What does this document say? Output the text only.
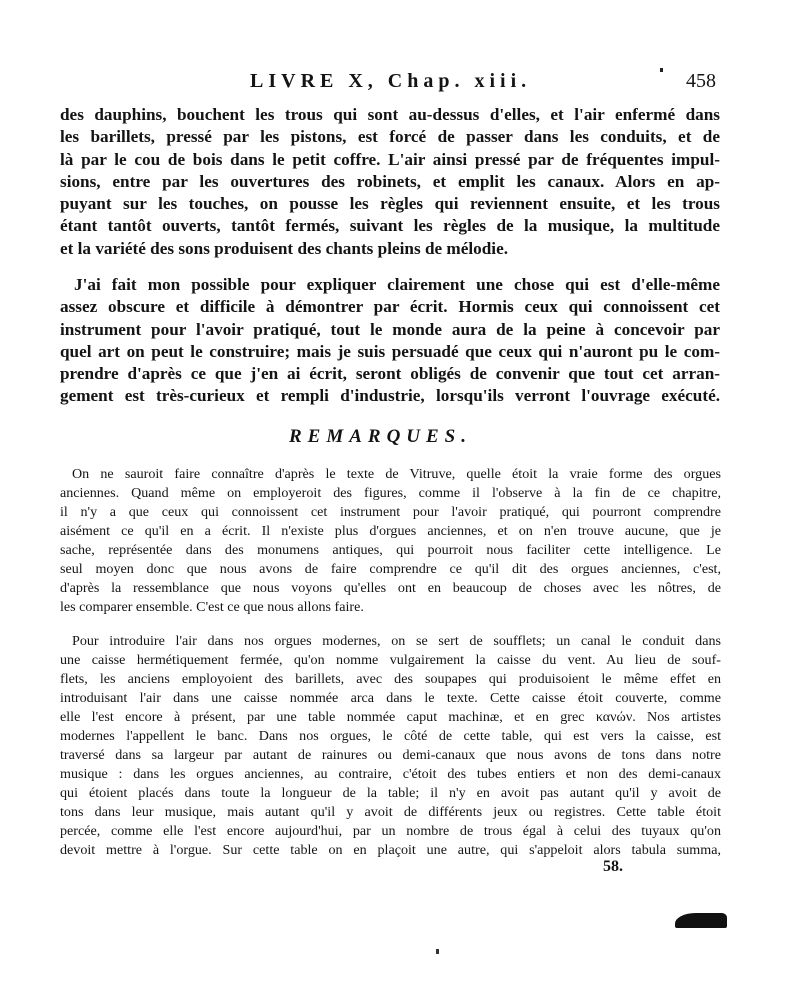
LIVRE X, Chap. xiii.	458
des dauphins, bouchent les trous qui sont au-dessus d'elles, et l'air enfermé dans
les barillets, pressé par les pistons, est forcé de passer dans les conduits, et de
là par le cou de bois dans le petit coffre. L'air ainsi pressé par de fréquentes impul-
sions, entre par les ouvertures des robinets, et emplit les canaux. Alors en ap-
puyant sur les touches, on pousse les règles qui reviennent ensuite, et les trous
étant tantôt ouverts, tantôt fermés, suivant les règles de la musique, la multitude
et la variété des sons produisent des chants pleins de mélodie.
J'ai fait mon possible pour expliquer clairement une chose qui est d'elle-même
assez obscure et difficile à démontrer par écrit. Hormis ceux qui connoissent cet
instrument pour l'avoir pratiqué, tout le monde aura de la peine à concevoir par
quel art on peut le construire; mais je suis persuadé que ceux qui n'auront pu le com-
prendre d'après ce que j'en ai écrit, seront obligés de convenir que tout cet arran-
gement est très-curieux et rempli d'industrie, lorsqu'ils verront l'ouvrage exécuté.
REMARQUES.
On ne sauroit faire connaître d'après le texte de Vitruve, quelle étoit la vraie forme des orgues
anciennes. Quand même on employeroit des figures, comme il l'observe à la fin de ce chapitre,
il n'y a que ceux qui connoissent cet instrument pour l'avoir pratiqué, qui pourront comprendre
aisément ce qu'il en a écrit. Il n'existe plus d'orgues anciennes, et on n'en trouve aucune, que je
sache, représentée dans des monumens antiques, qui pourroit nous faciliter cette intelligence. Le
seul moyen donc que nous avons de faire comprendre ce qu'il dit des orgues anciennes, c'est,
d'après la ressemblance que nous voyons qu'elles ont en beaucoup de choses avec les nôtres, de
les comparer ensemble. C'est ce que nous allons faire.
Pour introduire l'air dans nos orgues modernes, on se sert de soufflets; un canal le conduit dans
une caisse hermétiquement fermée, qu'on nomme vulgairement la caisse du vent. Au lieu de souf-
flets, les anciens employoient des barillets, avec des soupapes qui produisoient le même effet en
introduisant l'air dans une caisse nommée arca dans le texte. Cette caisse étoit couverte, comme
elle l'est encore à présent, par une table nommée caput machinæ, et en grec κανών. Nos artistes
modernes l'appellent le banc. Dans nos orgues, le côté de cette table, qui est vers la caisse, est
traversé dans sa largeur par autant de rainures ou demi-canaux que nous avons de tons dans notre
musique : dans les orgues anciennes, au contraire, c'étoit des tubes entiers et non des demi-canaux
qui étoient placés dans toute la longueur de la table; il n'y en avoit pas autant qu'il y avoit de
tons dans leur musique, mais autant qu'il y avoit de différents jeux ou registres. Cette table étoit
percée, comme elle l'est encore aujourd'hui, par un nombre de trous égal à celui des tuyaux qu'on
devoit mettre à l'orgue. Sur cette table on en plaçoit une autre, qui s'appeloit alors tabula summa,
58.
